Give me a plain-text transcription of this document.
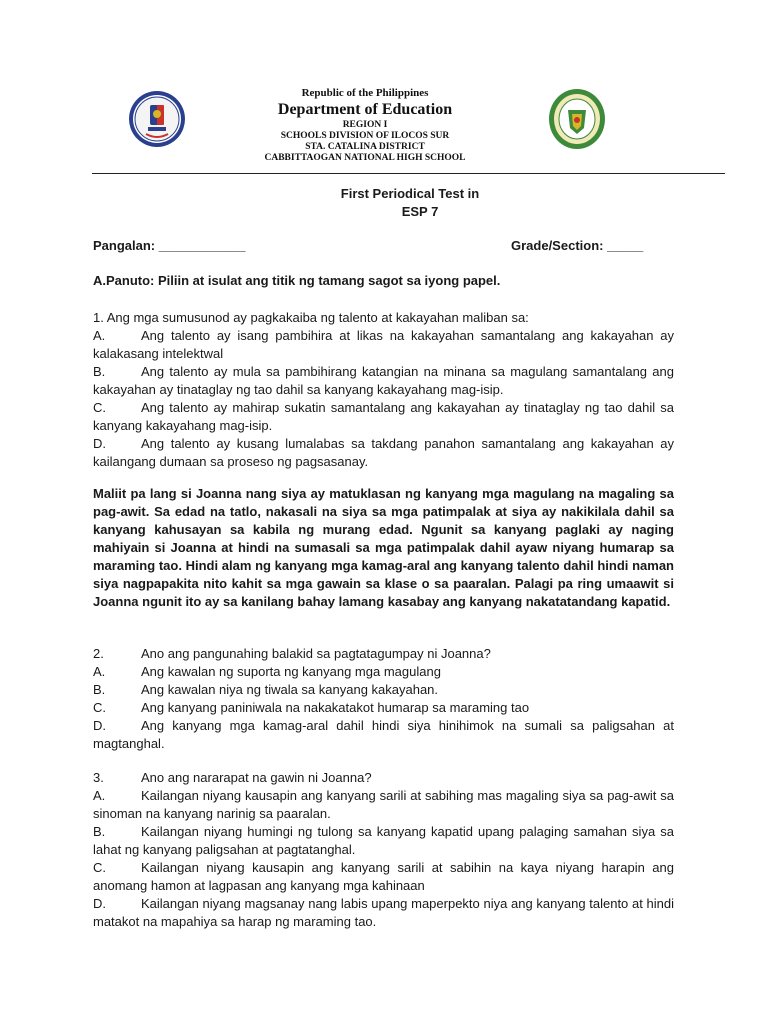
Republic of the Philippines
Department of Education
REGION I
SCHOOLS DIVISION OF ILOCOS SUR
STA. CATALINA DISTRICT
CABBITTAOGAN NATIONAL HIGH SCHOOL
First Periodical Test in
ESP 7
Pangalan: ____________	Grade/Section: _____
A.Panuto: Piliin at isulat ang titik ng tamang sagot sa iyong papel.

1. Ang mga sumusunod ay pagkakaiba ng talento at kakayahan maliban sa:

A.	Ang talento ay isang pambihira at likas na kakayahan samantalang ang kakayahan ay kalakasang intelektwal

B.	Ang talento ay mula sa pambihirang katangian na minana sa magulang samantalang ang kakayahan ay tinataglay ng tao dahil sa kanyang kakayahang mag-isip.

C.	Ang talento ay mahirap sukatin samantalang ang kakayahan ay tinataglay ng tao dahil sa kanyang kakayahang mag-isip.

D.	Ang talento ay kusang lumalabas sa takdang panahon samantalang ang kakayahan ay kailangang dumaan sa proseso ng pagsasanay.

Maliit pa lang si Joanna nang siya ay matuklasan ng kanyang mga magulang na magaling sa pag-awit. Sa edad na tatlo, nakasali na siya sa mga patimpalak at siya ay nakikilala dahil sa kanyang kahusayan sa kabila ng murang edad. Ngunit sa kanyang paglaki ay naging mahiyain si Joanna at hindi na sumasali sa mga patimpalak dahil ayaw niyang humarap sa maraming tao. Hindi alam ng kanyang mga kamag-aral ang kanyang talento dahil hindi naman siya nagpapakita nito kahit sa mga gawain sa klase o sa paaralan. Palagi pa ring umaawit si Joanna ngunit ito ay sa kanilang bahay lamang kasabay ang kanyang nakatatandang kapatid.

2.	Ano ang pangunahing balakid sa pagtatagumpay ni Joanna?

A.	Ang kawalan ng suporta ng kanyang mga magulang

B.	Ang kawalan niya ng tiwala sa kanyang kakayahan.

C.	Ang kanyang paniniwala na nakakatakot humarap sa maraming tao

D.	Ang kanyang mga kamag-aral dahil hindi siya hinihimok na sumali sa paligsahan at magtanghal.

3.	Ano ang nararapat na gawin ni Joanna?

A.	Kailangan niyang kausapin ang kanyang sarili at sabihing mas magaling siya sa pag-awit sa sinoman na kanyang narinig sa paaralan.

B.	Kailangan niyang humingi ng tulong sa kanyang kapatid upang palaging samahan siya sa lahat ng kanyang paligsahan at pagtatanghal.

C.	Kailangan niyang kausapin ang kanyang sarili at sabihin na kaya niyang harapin ang anomang hamon at lagpasan ang kanyang mga kahinaan

D.	Kailangan niyang magsanay nang labis upang maperpekto niya ang kanyang talento at hindi matakot na mapahiya sa harap ng maraming tao.
